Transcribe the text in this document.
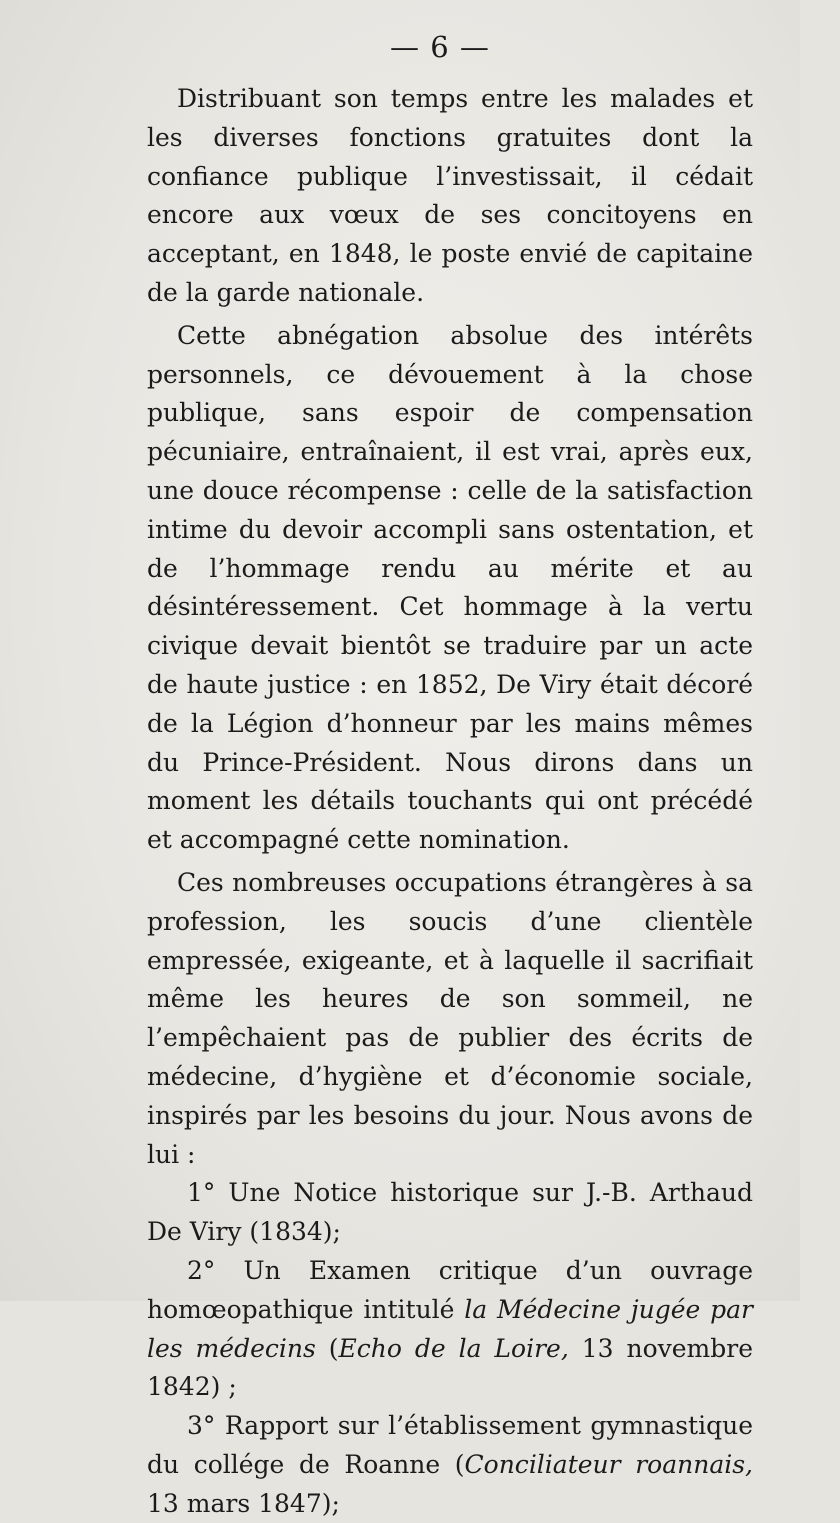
— 6 —

Distribuant son temps entre les malades et les diverses fonctions gratuites dont la confiance publique l’investissait, il cédait encore aux vœux de ses concitoyens en acceptant, en 1848, le poste envié de capitaine de la garde nationale.

Cette abnégation absolue des intérêts personnels, ce dévouement à la chose publique, sans espoir de compensation pécuniaire, entraînaient, il est vrai, après eux, une douce récompense : celle de la satisfaction intime du devoir accompli sans ostentation, et de l’hommage rendu au mérite et au désintéressement. Cet hommage à la vertu civique devait bientôt se traduire par un acte de haute justice : en 1852, De Viry était décoré de la Légion d’honneur par les mains mêmes du Prince-Président. Nous dirons dans un moment les détails touchants qui ont précédé et accompagné cette nomination.

Ces nombreuses occupations étrangères à sa profession, les soucis d’une clientèle empressée, exigeante, et à laquelle il sacrifiait même les heures de son sommeil, ne l’empêchaient pas de publier des écrits de médecine, d’hygiène et d’économie sociale, inspirés par les besoins du jour. Nous avons de lui :

1° Une Notice historique sur J.-B. Arthaud De Viry (1834);

2° Un Examen critique d’un ouvrage homœopathique intitulé la Médecine jugée par les médecins (Echo de la Loire, 13 novembre 1842) ;

3° Rapport sur l’établissement gymnastique du collége de Roanne (Conciliateur roannais, 13 mars 1847);
